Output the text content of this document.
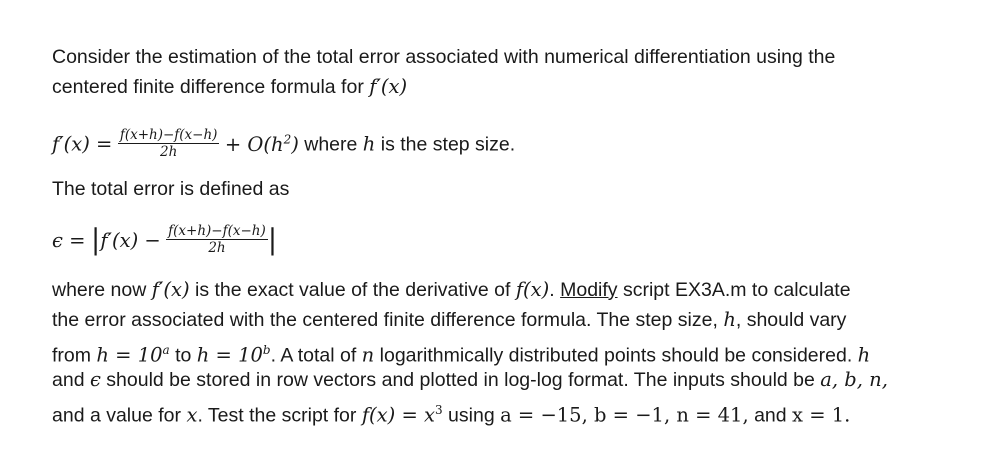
Consider the estimation of the total error associated with numerical differentiation using the
centered finite difference formula for f′(x)
$f'(x) = \frac{f(x+h)-f(x-h)}{2h} + O(h^2)$ where h is the step size.
The total error is defined as
$\epsilon = |f'(x) - \frac{f(x+h)-f(x-h)}{2h}$ |
where now f′(x) is the exact value of the derivative of f(x). Modify script EX3A.m to calculate
the error associated with the centered finite difference formula. The step size, h, should vary
from $h = 10^a$ to $h = 10^b$. A total of n logarithmically distributed points should be considered. h
and ϵ should be stored in row vectors and plotted in log-log format. The inputs should be a, b, n,
and a value for x. Test the script for $f(x) = x^3$ using a = −15, b = −1, n = 41, and x = 1.
